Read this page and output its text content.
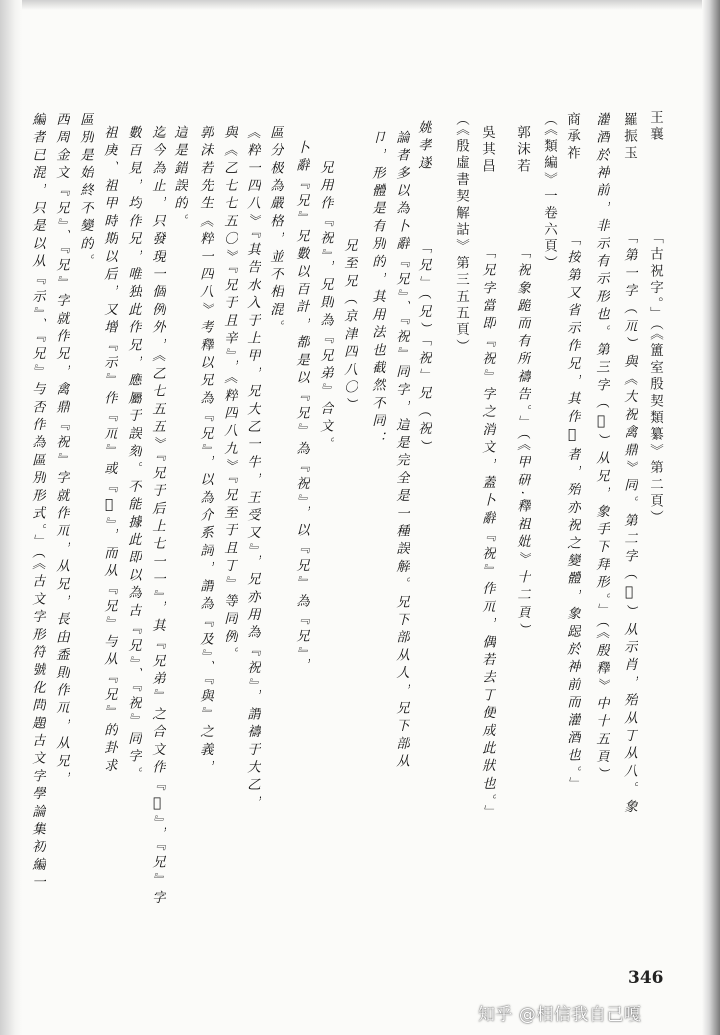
王襄
「古祝字。」（《簠室殷契類纂》第二頁）
羅振玉
「第一字（𥘅）與《大祝禽鼎》同。第二字（𥘈）从示肖，殆从丁从八。象
灌酒於神前，非示有示形也。第三字（𧖹）从兄，象手下拜形。」（《殷釋》中十五頁）
商承祚
「按第又省示作兄，其作𥘈者，殆亦祝之變體，象跽於神前而灌酒也。」
（《類編》一卷六頁）
郭沫若
「祝象跪而有所禱告。」（《甲研·釋祖妣》十二頁）
吳其昌
「兄字當即『祝』字之消文，蓋卜辭『祝』作𥘅，偶若去丁便成此狀也。」
（《殷虛書契解詁》第三五五頁）
姚孝遂
「兄」（兄）「祝」兄（祝）
論者多以為卜辭『兄』、『祝』同字，這是完全是一種誤解。兄下部从人，兄下部从
卩，形體是有別的，其用法也截然不同：
兄至兄（京津四八〇）
兄用作『祝』，兄則為『兄弟』合文。
卜辭『兄』兄數以百計，都是以『兄』為『祝』，以『兄』為『兄』，
區分极為嚴格，並不相混。
《粹一四八》『其告水入于上甲，兄大乙一牛，王受又』，兄亦用為『祝』，謂禱于大乙，
與《乙七七五〇》『兄于且辛』，《粹四八九》『兄至于且丁』等同例。
郭沫若先生《粹一四八》考釋以兄為『兄』，以為介系詞，謂為『及』、『與』之義，
這是錯誤的。
迄今為止，只發現一個例外，《乙七五五》『兄于后上七一一』，其『兄弟』之合文作『𧖹』，『兄』字
數百見，均作兄，唯独此作兄，應屬于誤刻。不能據此即以為古『兄』、『祝』同字。
祖庚、祖甲時期以后，又增『示』作『𥘅』或『𥘈』，而从『兄』与从『兄』的卦求
區別是始終不變的。
西周金文『兄』、『兄』字就作兄，禽鼎『祝』字就作𥘅，从兄，長甶盉則作𥘅，从兄，
編者已混，只是以从『示』、『兄』与否作為區別形式。」（《古文字形符號化問題古文字學論集初編一
346
知乎 @相信我自己嘎
